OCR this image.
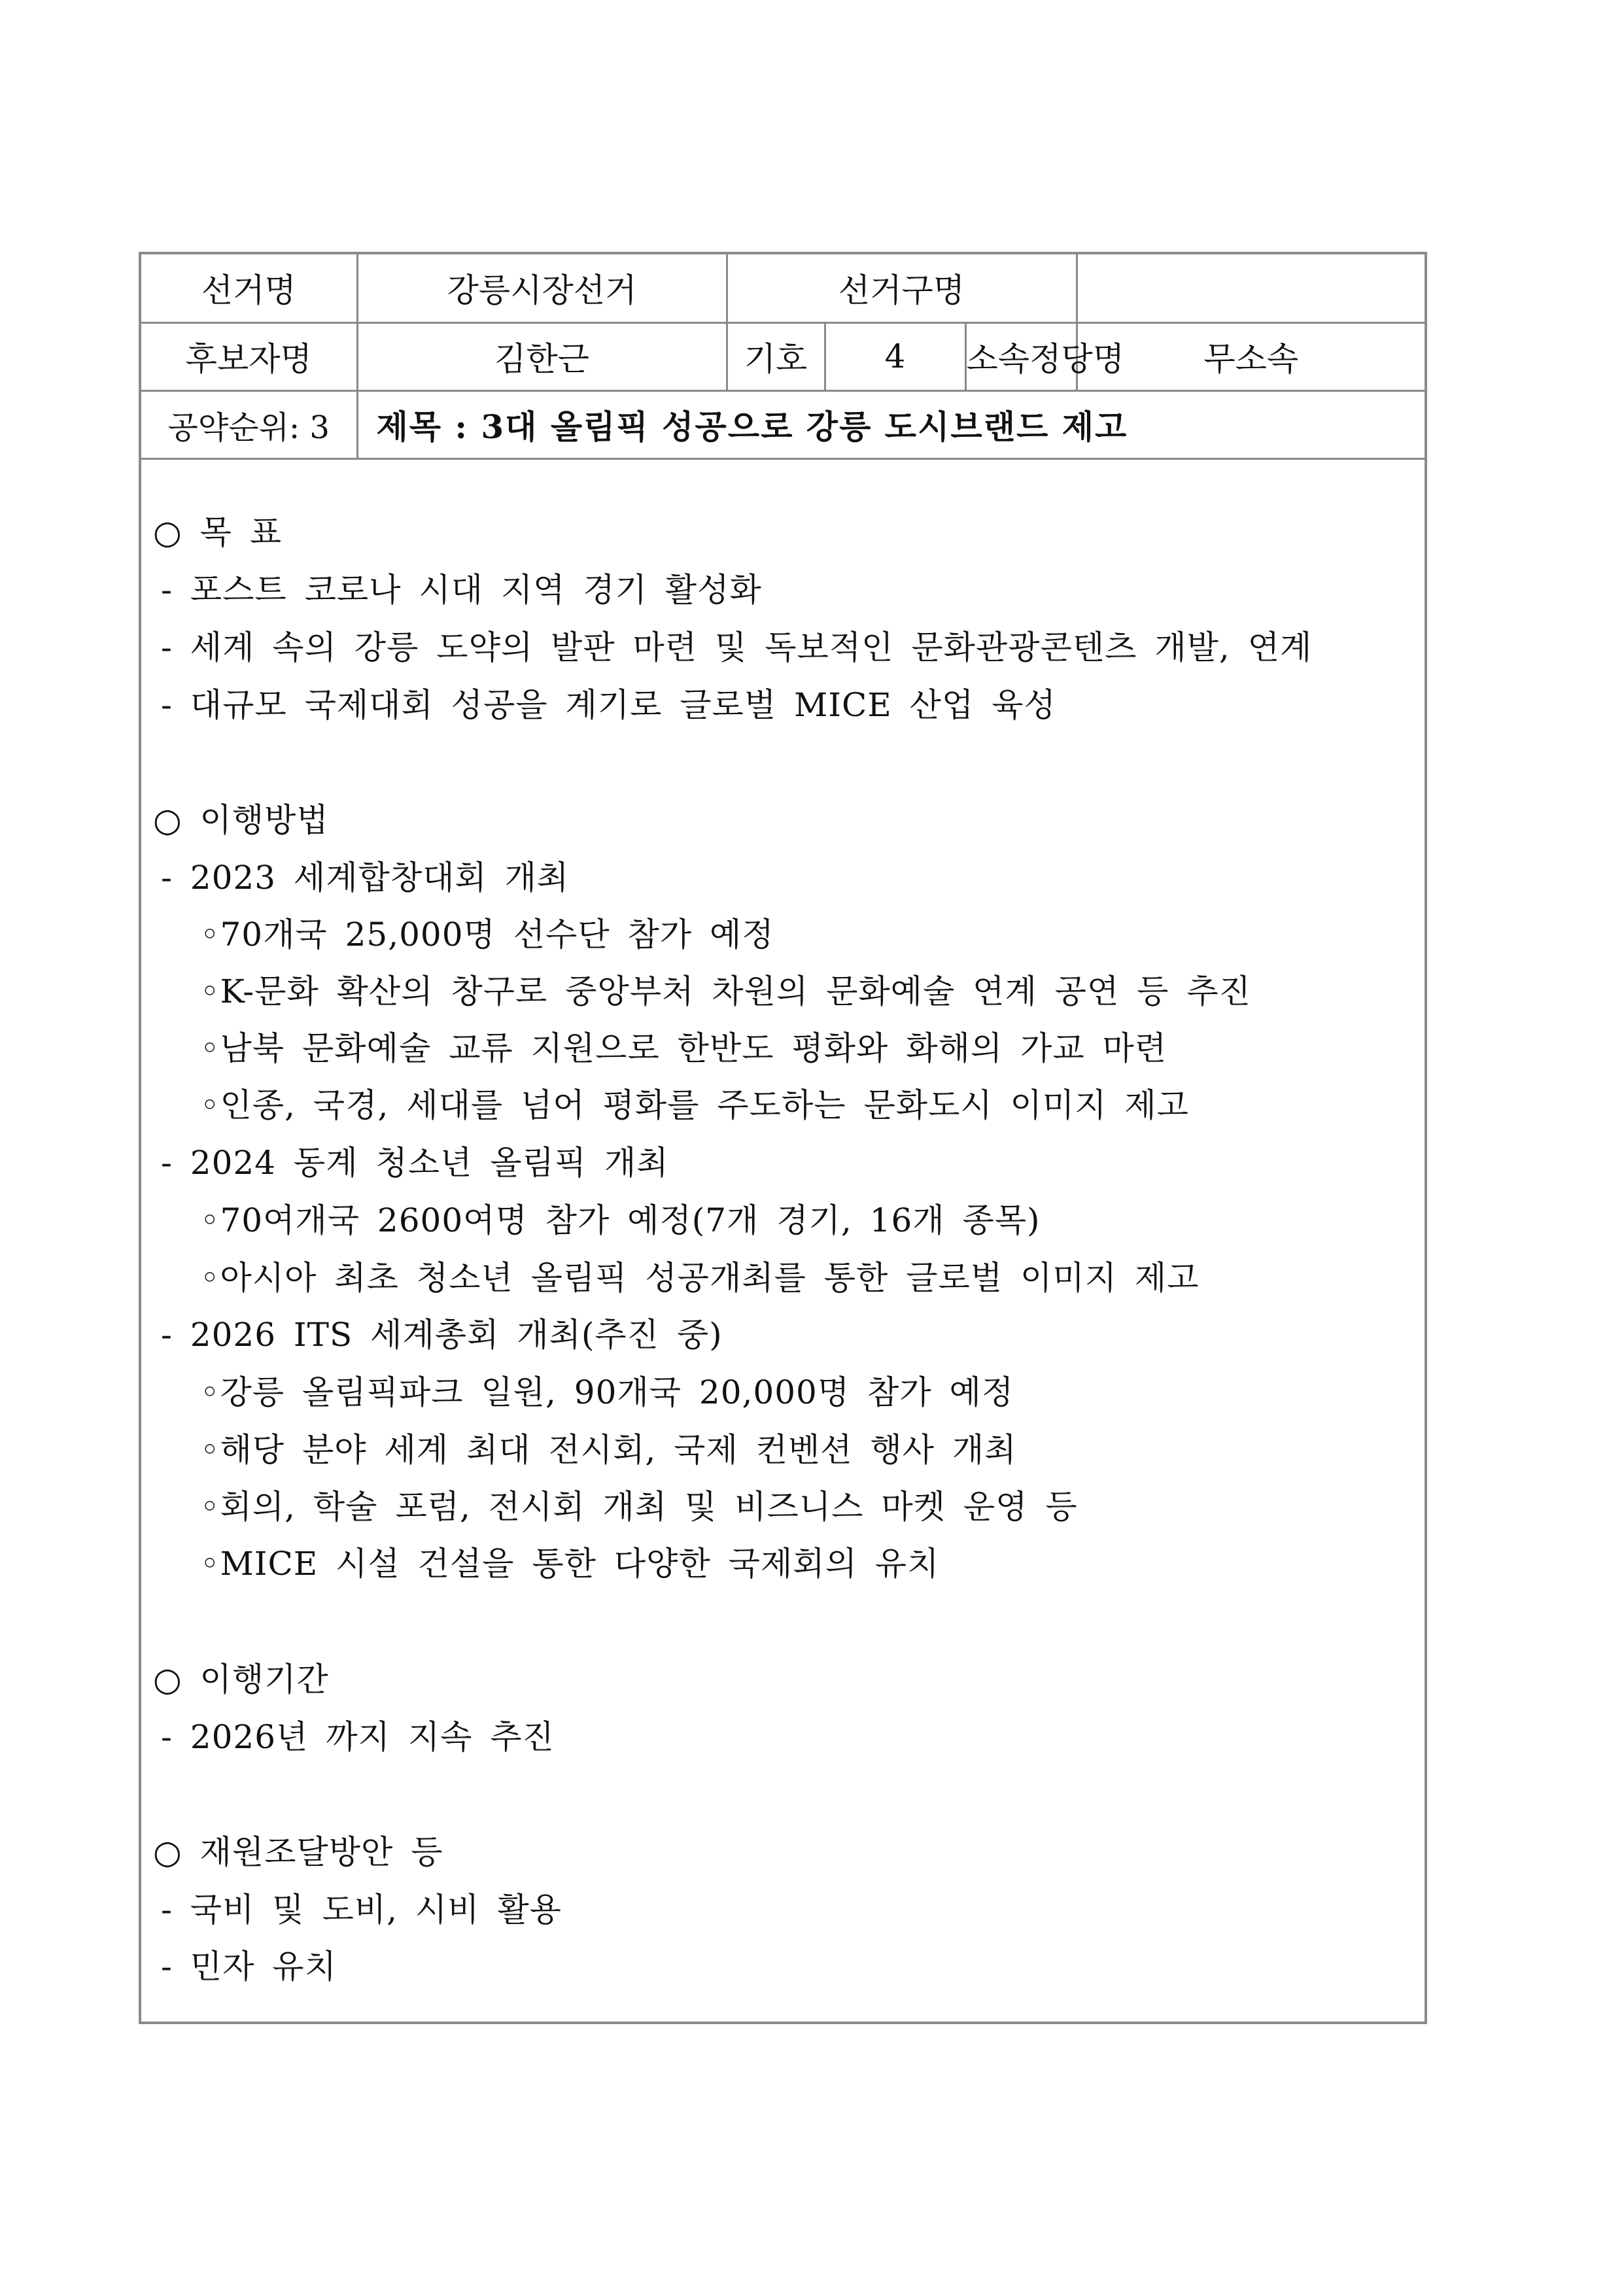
선거명	강릉시장선거	선거구명			
후보자명	김한근	기호	4	소속정당명	무소속
공약순위: 3	제목 : 3대 올림픽 성공으로 강릉 도시브랜드 제고				
○ 목 표
- 포스트 코로나 시대 지역 경기 활성화
- 세계 속의 강릉 도약의 발판 마련 및 독보적인 문화관광콘텐츠 개발, 연계
- 대규모 국제대회 성공을 계기로 글로벌 MICE 산업 육성
○ 이행방법
- 2023 세계합창대회 개최
◦70개국 25,000명 선수단 참가 예정
◦K-문화 확산의 창구로 중앙부처 차원의 문화예술 연계 공연 등 추진
◦남북 문화예술 교류 지원으로 한반도 평화와 화해의 가교 마련
◦인종, 국경, 세대를 넘어 평화를 주도하는 문화도시 이미지 제고
- 2024 동계 청소년 올림픽 개최
◦70여개국 2600여명 참가 예정(7개 경기, 16개 종목)
◦아시아 최초 청소년 올림픽 성공개최를 통한 글로벌 이미지 제고
- 2026 ITS 세계총회 개최(추진 중)
◦강릉 올림픽파크 일원, 90개국 20,000명 참가 예정
◦해당 분야 세계 최대 전시회, 국제 컨벤션 행사 개최
◦회의, 학술 포럼, 전시회 개최 및 비즈니스 마켓 운영 등
◦MICE 시설 건설을 통한 다양한 국제회의 유치
○ 이행기간
- 2026년 까지 지속 추진
○ 재원조달방안 등
- 국비 및 도비, 시비 활용
- 민자 유치
